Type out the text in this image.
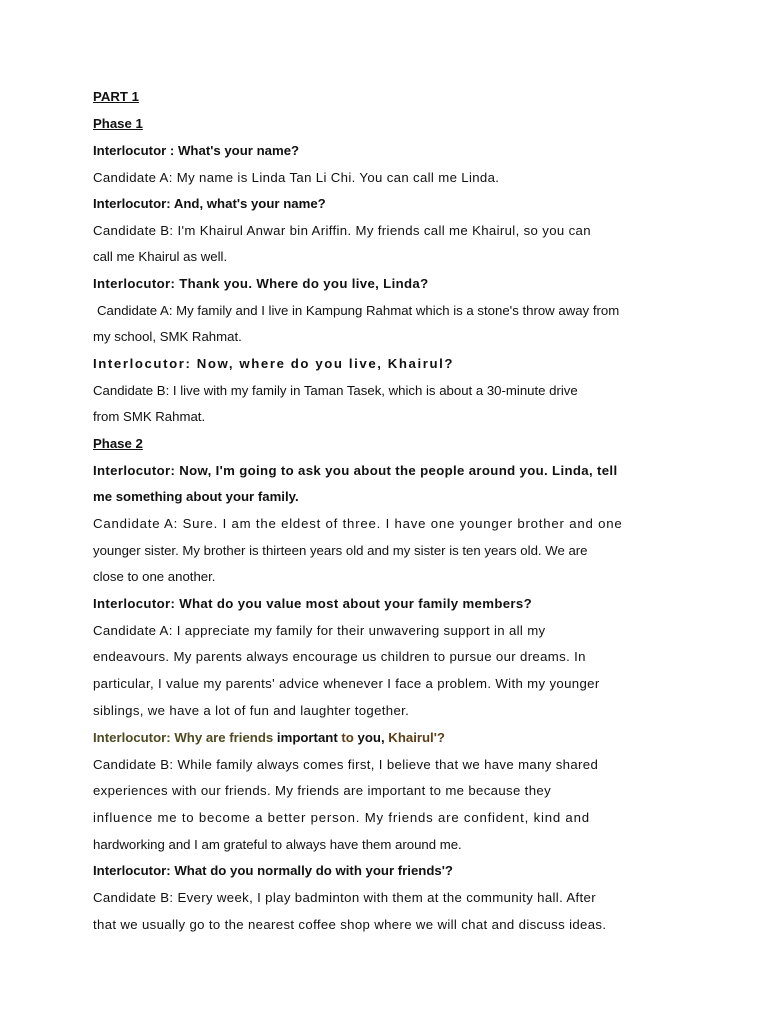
PART 1

Phase 1

Interlocutor : What's your name?

Candidate A: My name is Linda Tan Li Chi. You can call me Linda.

Interlocutor: And, what's your name?

Candidate B: I'm Khairul Anwar bin Ariffin. My friends call me Khairul, so you can

call me Khairul as well.

Interlocutor: Thank you. Where do you live, Linda?

Candidate A: My family and I live in Kampung Rahmat which is a stone's throw away from

my school, SMK Rahmat.

Interlocutor: Now, where do you live, Khairul?

Candidate B: I live with my family in Taman Tasek, which is about a 30-minute drive

from SMK Rahmat.

Phase 2

Interlocutor: Now, I'm going to ask you about the people around you. Linda, tell

me something about your family.

Candidate A: Sure. I am the eldest of three. I have one younger brother and one

younger sister. My brother is thirteen years old and my sister is ten years old. We are

close to one another.

Interlocutor: What do you value most about your family members?

Candidate A: I appreciate my family for their unwavering support in all my

endeavours. My parents always encourage us children to pursue our dreams. In

particular, I value my parents' advice whenever I face a problem. With my younger

siblings, we have a lot of fun and laughter together.

Interlocutor: Why are friends important to you, Khairul'?

Candidate B: While family always comes first, I believe that we have many shared

experiences with our friends. My friends are important to me because they

influence me to become a better person. My friends are confident, kind and

hardworking and I am grateful to always have them around me.

Interlocutor: What do you normally do with your friends'?

Candidate B: Every week, I play badminton with them at the community hall. After

that we usually go to the nearest coffee shop where we will chat and discuss ideas.
